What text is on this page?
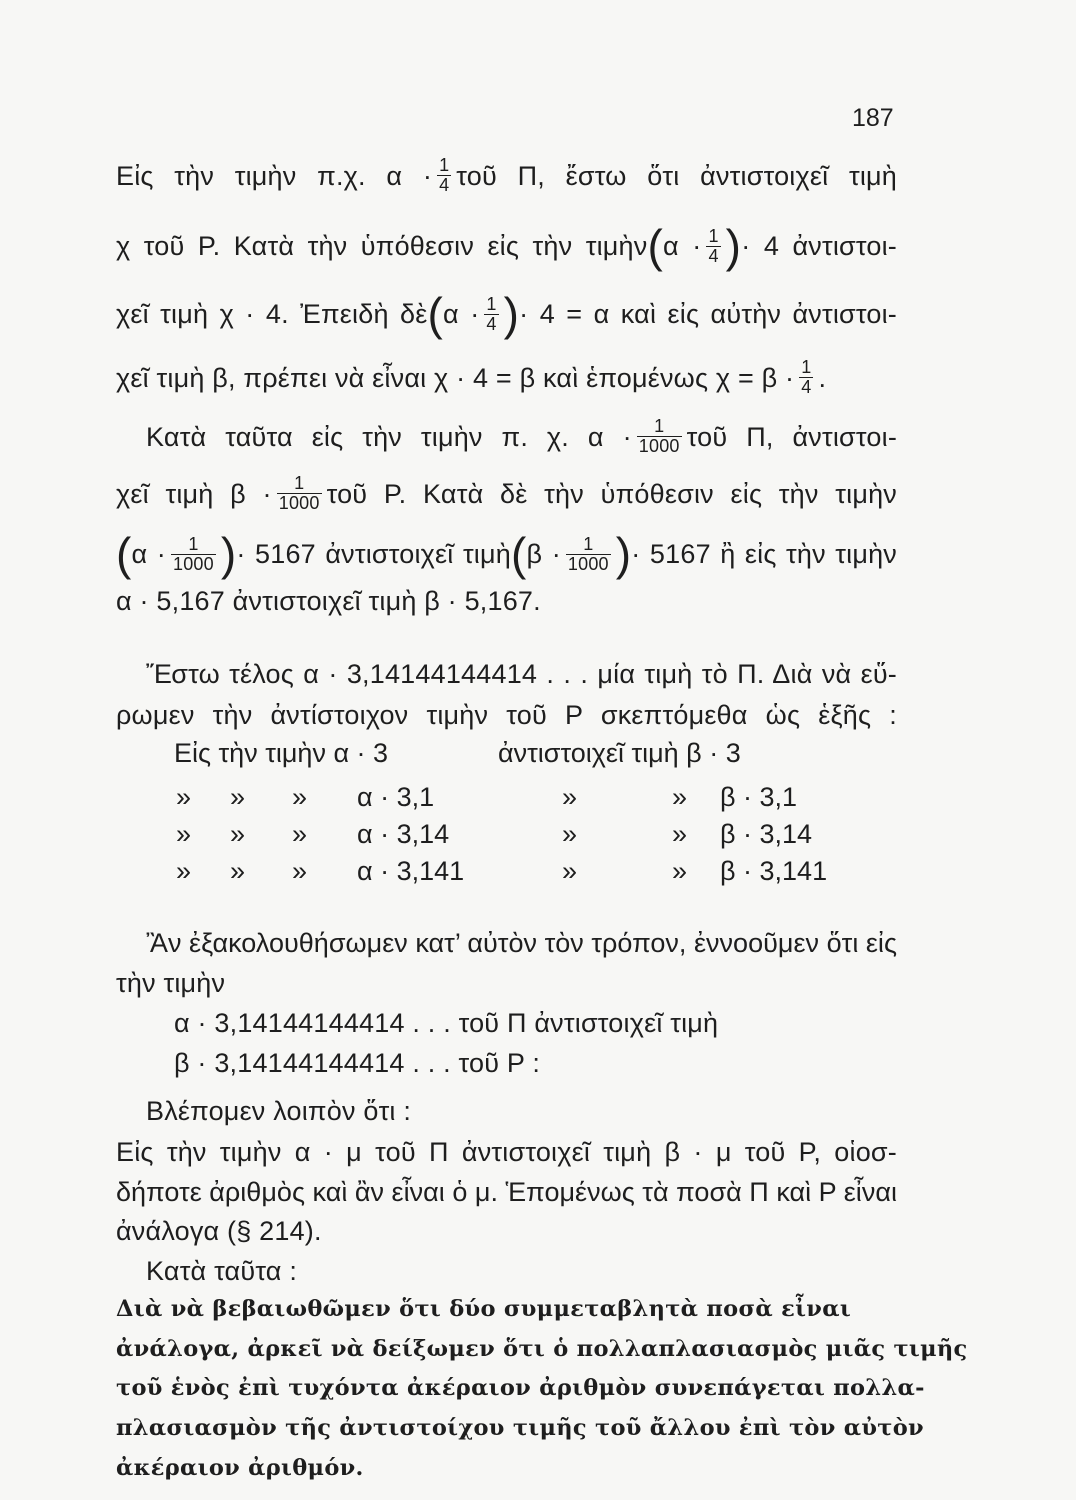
187
Εἰς τὴν τιμὴν π.χ. $\alpha \cdot \frac{1}{4}$ τοῦ Π, ἔστω ὅτι ἀντιστοιχεῖ τιμὴ
χ τοῦ Ρ. Κατὰ τὴν ὑπόθεσιν εἰς τὴν τιμὴν(α · $\frac{1}{4}$ )· 4 ἀντιστοι-
χεῖ τιμὴ χ · 4. Ἐπειδὴ δὲ(α · $\frac{1}{4}$ )· 4 = α καὶ εἰς αὐτὴν ἀντιστοι-
χεῖ τιμὴ β, πρέπει νὰ εἶναι χ · 4 = β καὶ ἑπομένως $\chi = \beta \cdot \frac{1}{4}$ .
Κατὰ ταῦτα εἰς τὴν τιμὴν π. χ. $\alpha \cdot \frac{1}{1000}$ τοῦ Π, ἀντιστοι-
χεῖ τιμὴ $\beta \cdot \frac{1}{1000}$ τοῦ Ρ. Κατὰ δὲ τὴν ὑπόθεσιν εἰς τὴν τιμὴν
($\alpha \cdot \frac{1}{1000}$ )· 5167 ἀντιστοιχεῖ τιμὴ(β · $\frac{1}{1000}$ )· 5167 ἢ εἰς τὴν τιμὴν
α · 5,167 ἀντιστοιχεῖ τιμὴ β · 5,167.
Ἔστω τέλος α · 3,14144144414 . . . μία τιμὴ τὸ Π. Διὰ νὰ εὕ-
ρωμεν τὴν ἀντίστοιχον τιμὴν τοῦ Ρ σκεπτόμεθα ὡς ἑξῆς :
Ἂν ἐξακολουθήσωμεν κατ’ αὐτὸν τὸν τρόπον, ἐννοοῦμεν ὅτι εἰς
τὴν τιμὴν
α · 3,14144144414 . . . τοῦ Π ἀντιστοιχεῖ τιμὴ
β · 3,14144144414 . . . τοῦ Ρ :
Βλέπομεν λοιπὸν ὅτι :
Εἰς τὴν τιμὴν α · μ τοῦ Π ἀντιστοιχεῖ τιμὴ β · μ τοῦ Ρ, οἱοσ-
δήποτε ἀριθμὸς καὶ ἂν εἶναι ὁ μ. Ἑπομένως τὰ ποσὰ Π καὶ Ρ εἶναι
ἀνάλογα (§ 214).
Κατὰ ταῦτα :
Εἰς τὴν τιμὴν α · 3	ἀντιστοιχεῖ τιμὴ β · 3
» » » α · 3,1	»	» β · 3,1
» » » α · 3,14	»	» β · 3,14
» » » α · 3,141	»	» β · 3,141
Διὰ νὰ βεβαιωθῶμεν ὅτι δύο συμμεταβλητὰ ποσὰ εἶναι
ἀνάλογα, ἀρκεῖ νὰ δείξωμεν ὅτι ὁ πολλαπλασιασμὸς μιᾶς τιμῆς
τοῦ ἑνὸς ἐπὶ τυχόντα ἀκέραιον ἀριθμὸν συνεπάγεται πολλα-
πλασιασμὸν τῆς ἀντιστοίχου τιμῆς τοῦ ἄλλου ἐπὶ τὸν αὐτὸν
ἀκέραιον ἀριθμόν.
